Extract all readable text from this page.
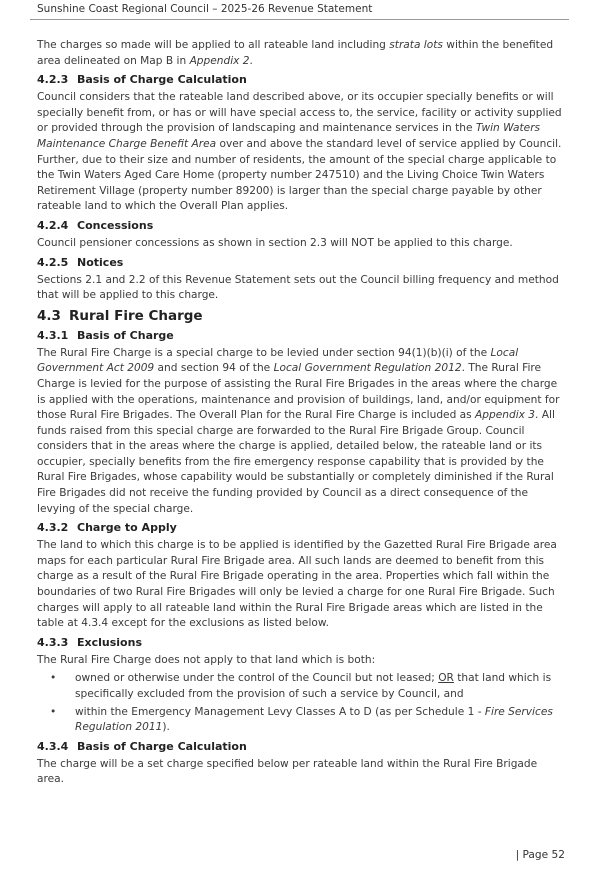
Sunshine Coast Regional Council – 2025-26 Revenue Statement

The charges so made will be applied to all rateable land including strata lots within the benefited area delineated on Map B in Appendix 2.

4.2.3 Basis of Charge Calculation

Council considers that the rateable land described above, or its occupier specially benefits or will specially benefit from, or has or will have special access to, the service, facility or activity supplied or provided through the provision of landscaping and maintenance services in the Twin Waters Maintenance Charge Benefit Area over and above the standard level of service applied by Council. Further, due to their size and number of residents, the amount of the special charge applicable to the Twin Waters Aged Care Home (property number 247510) and the Living Choice Twin Waters Retirement Village (property number 89200) is larger than the special charge payable by other rateable land to which the Overall Plan applies.

4.2.4 Concessions

Council pensioner concessions as shown in section 2.3 will NOT be applied to this charge.

4.2.5 Notices

Sections 2.1 and 2.2 of this Revenue Statement sets out the Council billing frequency and method that will be applied to this charge.

4.3 Rural Fire Charge
4.3.1 Basis of Charge

The Rural Fire Charge is a special charge to be levied under section 94(1)(b)(i) of the Local Government Act 2009 and section 94 of the Local Government Regulation 2012. The Rural Fire Charge is levied for the purpose of assisting the Rural Fire Brigades in the areas where the charge is applied with the operations, maintenance and provision of buildings, land, and/or equipment for those Rural Fire Brigades. The Overall Plan for the Rural Fire Charge is included as Appendix 3. All funds raised from this special charge are forwarded to the Rural Fire Brigade Group. Council considers that in the areas where the charge is applied, detailed below, the rateable land or its occupier, specially benefits from the fire emergency response capability that is provided by the Rural Fire Brigades, whose capability would be substantially or completely diminished if the Rural Fire Brigades did not receive the funding provided by Council as a direct consequence of the levying of the special charge.

4.3.2 Charge to Apply

The land to which this charge is to be applied is identified by the Gazetted Rural Fire Brigade area maps for each particular Rural Fire Brigade area. All such lands are deemed to benefit from this charge as a result of the Rural Fire Brigade operating in the area. Properties which fall within the boundaries of two Rural Fire Brigades will only be levied a charge for one Rural Fire Brigade. Such charges will apply to all rateable land within the Rural Fire Brigade areas which are listed in the table at 4.3.4 except for the exclusions as listed below.

4.3.3 Exclusions

The Rural Fire Charge does not apply to that land which is both:

• owned or otherwise under the control of the Council but not leased; OR that land which is specifically excluded from the provision of such a service by Council, and
• within the Emergency Management Levy Classes A to D (as per Schedule 1 - Fire Services Regulation 2011).
4.3.4 Basis of Charge Calculation

The charge will be a set charge specified below per rateable land within the Rural Fire Brigade area.

| Page 52
